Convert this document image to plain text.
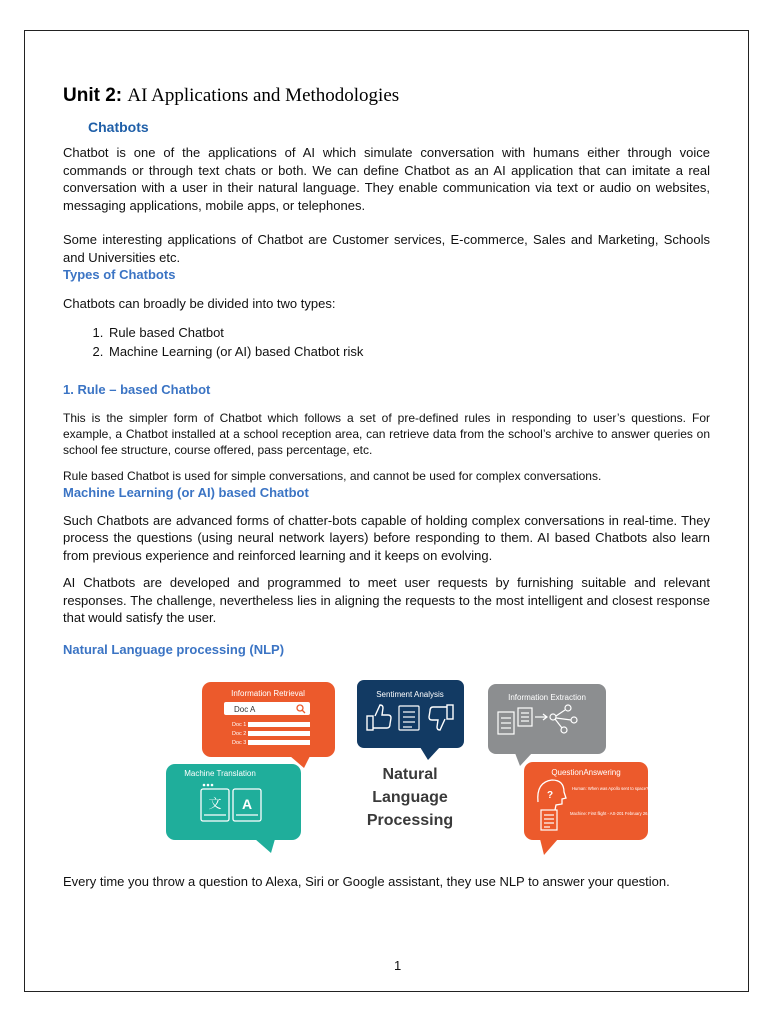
Unit 2: AI Applications and Methodologies
Chatbots

Chatbot is one of the applications of AI which simulate conversation with humans either through voice commands or through text chats or both. We can define Chatbot as an AI application that can imitate a real conversation with a user in their natural language. They enable communication via text or audio on websites, messaging applications, mobile apps, or telephones.

Some interesting applications of Chatbot are Customer services, E-commerce, Sales and Marketing, Schools and Universities etc.

Types of Chatbots

Chatbots can broadly be divided into two types:

1. Rule based Chatbot
2. Machine Learning (or AI) based Chatbot risk
1. Rule – based Chatbot

This is the simpler form of Chatbot which follows a set of pre-defined rules in responding to user’s questions. For example, a Chatbot installed at a school reception area, can retrieve data from the school’s archive to answer queries on school fee structure, course offered, pass percentage, etc.

Rule based Chatbot is used for simple conversations, and cannot be used for complex conversations.

Machine Learning (or AI) based Chatbot

Such Chatbots are advanced forms of chatter-bots capable of holding complex conversations in real-time. They process the questions (using neural network layers) before responding to them. AI based Chatbots also learn from previous experience and reinforced learning and it keeps on evolving.

AI Chatbots are developed and programmed to meet user requests by furnishing suitable and relevant responses. The challenge, nevertheless lies in aligning the requests to the most intelligent and closest response that would satisfy the user.

Natural Language processing (NLP)
Information Retrieval
Doc A
Doc 1
Doc 2
Doc 3
Sentiment Analysis	Information Extraction
Machine Translation
文 A
Natural
Language
Processing
QuestionAnswering
?
Human: When was Apollo sent to space?
Machine: First flight - AS-201 February 26, 1966

Every time you throw a question to Alexa, Siri or Google assistant, they use NLP to answer your question.

1
